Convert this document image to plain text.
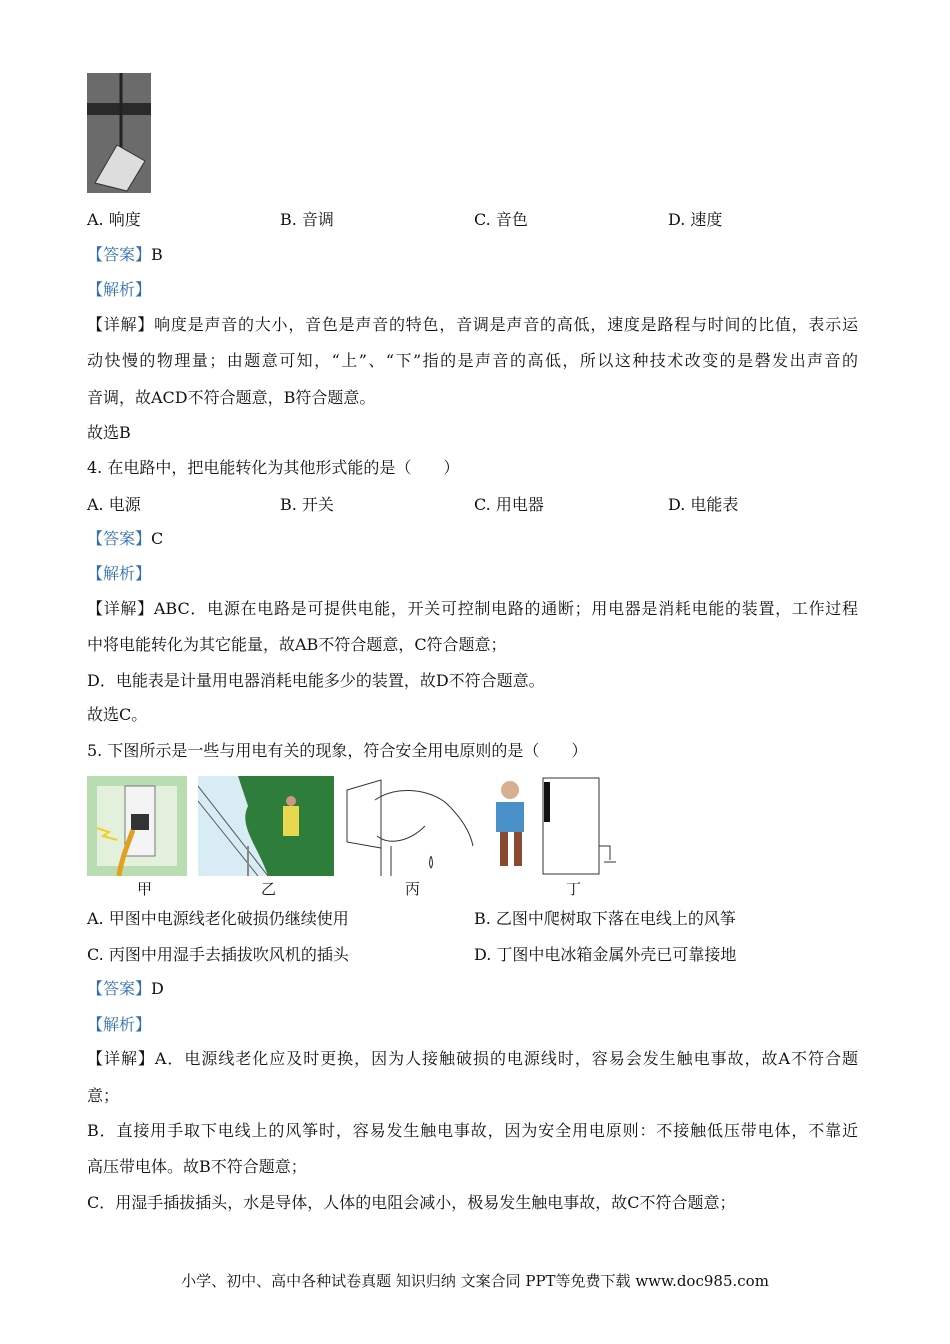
A. 响度	B. 音调	C. 音色	D. 速度
【答案】B
【解析】
【详解】响度是声音的大小，音色是声音的特色，音调是声音的高低，速度是路程与时间的比值，表示运
动快慢的物理量；由题意可知，“上”、“下”指的是声音的高低，所以这种技术改变的是磬发出声音的
音调，故ACD不符合题意，B符合题意。
故选B
4. 在电路中，把电能转化为其他形式能的是（　　）
A. 电源	B. 开关	C. 用电器	D. 电能表
【答案】C
【解析】
【详解】ABC．电源在电路是可提供电能，开关可控制电路的通断；用电器是消耗电能的装置，工作过程
中将电能转化为其它能量，故AB不符合题意，C符合题意；
D．电能表是计量用电器消耗电能多少的装置，故D不符合题意。
故选C。
5. 下图所示是一些与用电有关的现象，符合安全用电原则的是（　　）
甲	乙	丙	丁
A. 甲图中电源线老化破损仍继续使用	B. 乙图中爬树取下落在电线上的风筝
C. 丙图中用湿手去插拔吹风机的插头	D. 丁图中电冰箱金属外壳已可靠接地
【答案】D
【解析】
【详解】A．电源线老化应及时更换，因为人接触破损的电源线时，容易会发生触电事故，故A不符合题
意；
B．直接用手取下电线上的风筝时，容易发生触电事故，因为安全用电原则：不接触低压带电体，不靠近
高压带电体。故B不符合题意；
C．用湿手插拔插头，水是导体，人体的电阻会减小，极易发生触电事故，故C不符合题意；
小学、初中、高中各种试卷真题 知识归纳 文案合同 PPT等免费下载 www.doc985.com
